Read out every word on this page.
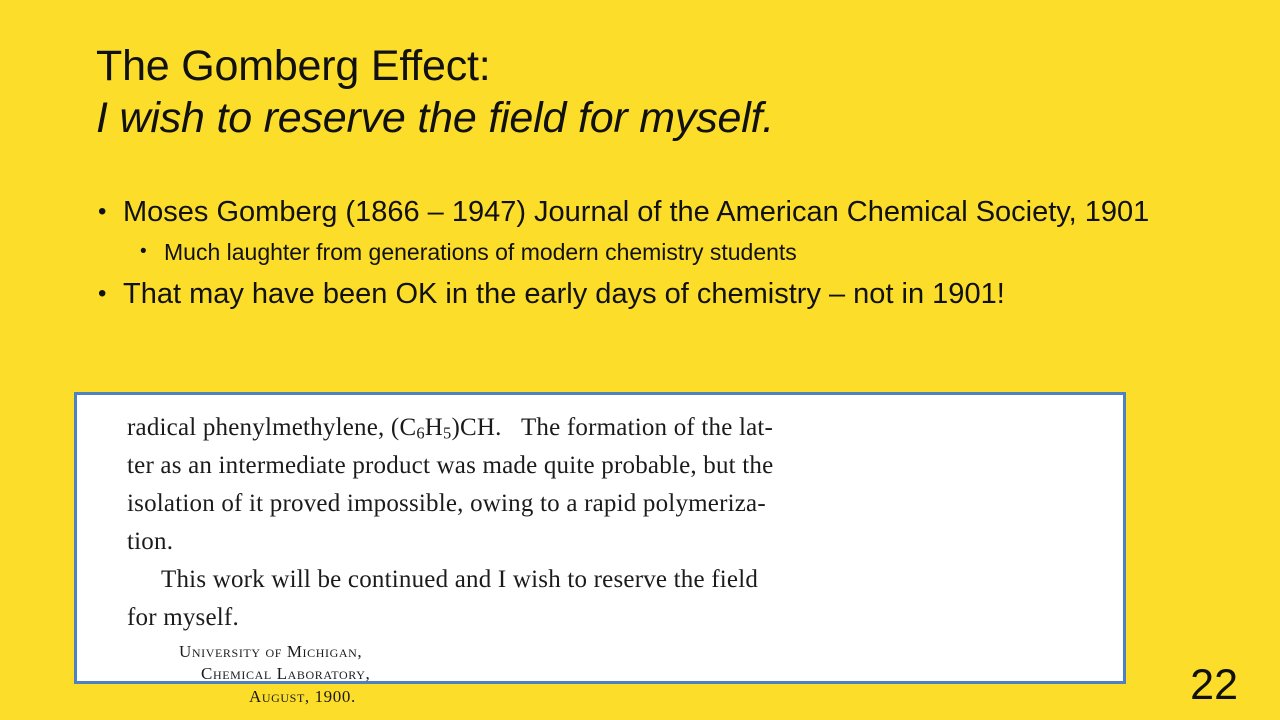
The Gomberg Effect:
I wish to reserve the field for myself.
• Moses Gomberg (1866 – 1947) Journal of the American Chemical Society, 1901
• Much laughter from generations of modern chemistry students
• That may have been OK in the early days of chemistry – not in 1901!
radical phenylmethylene, $(C_6H_5)CH$.   The formation of the lat-
ter as an intermediate product was made quite probable, but the
isolation of it proved impossible, owing to a rapid polymeriza-
tion.
This work will be continued and I wish to reserve the field
for myself.
University of Michigan,
Chemical Laboratory,
August, 1900.	22
